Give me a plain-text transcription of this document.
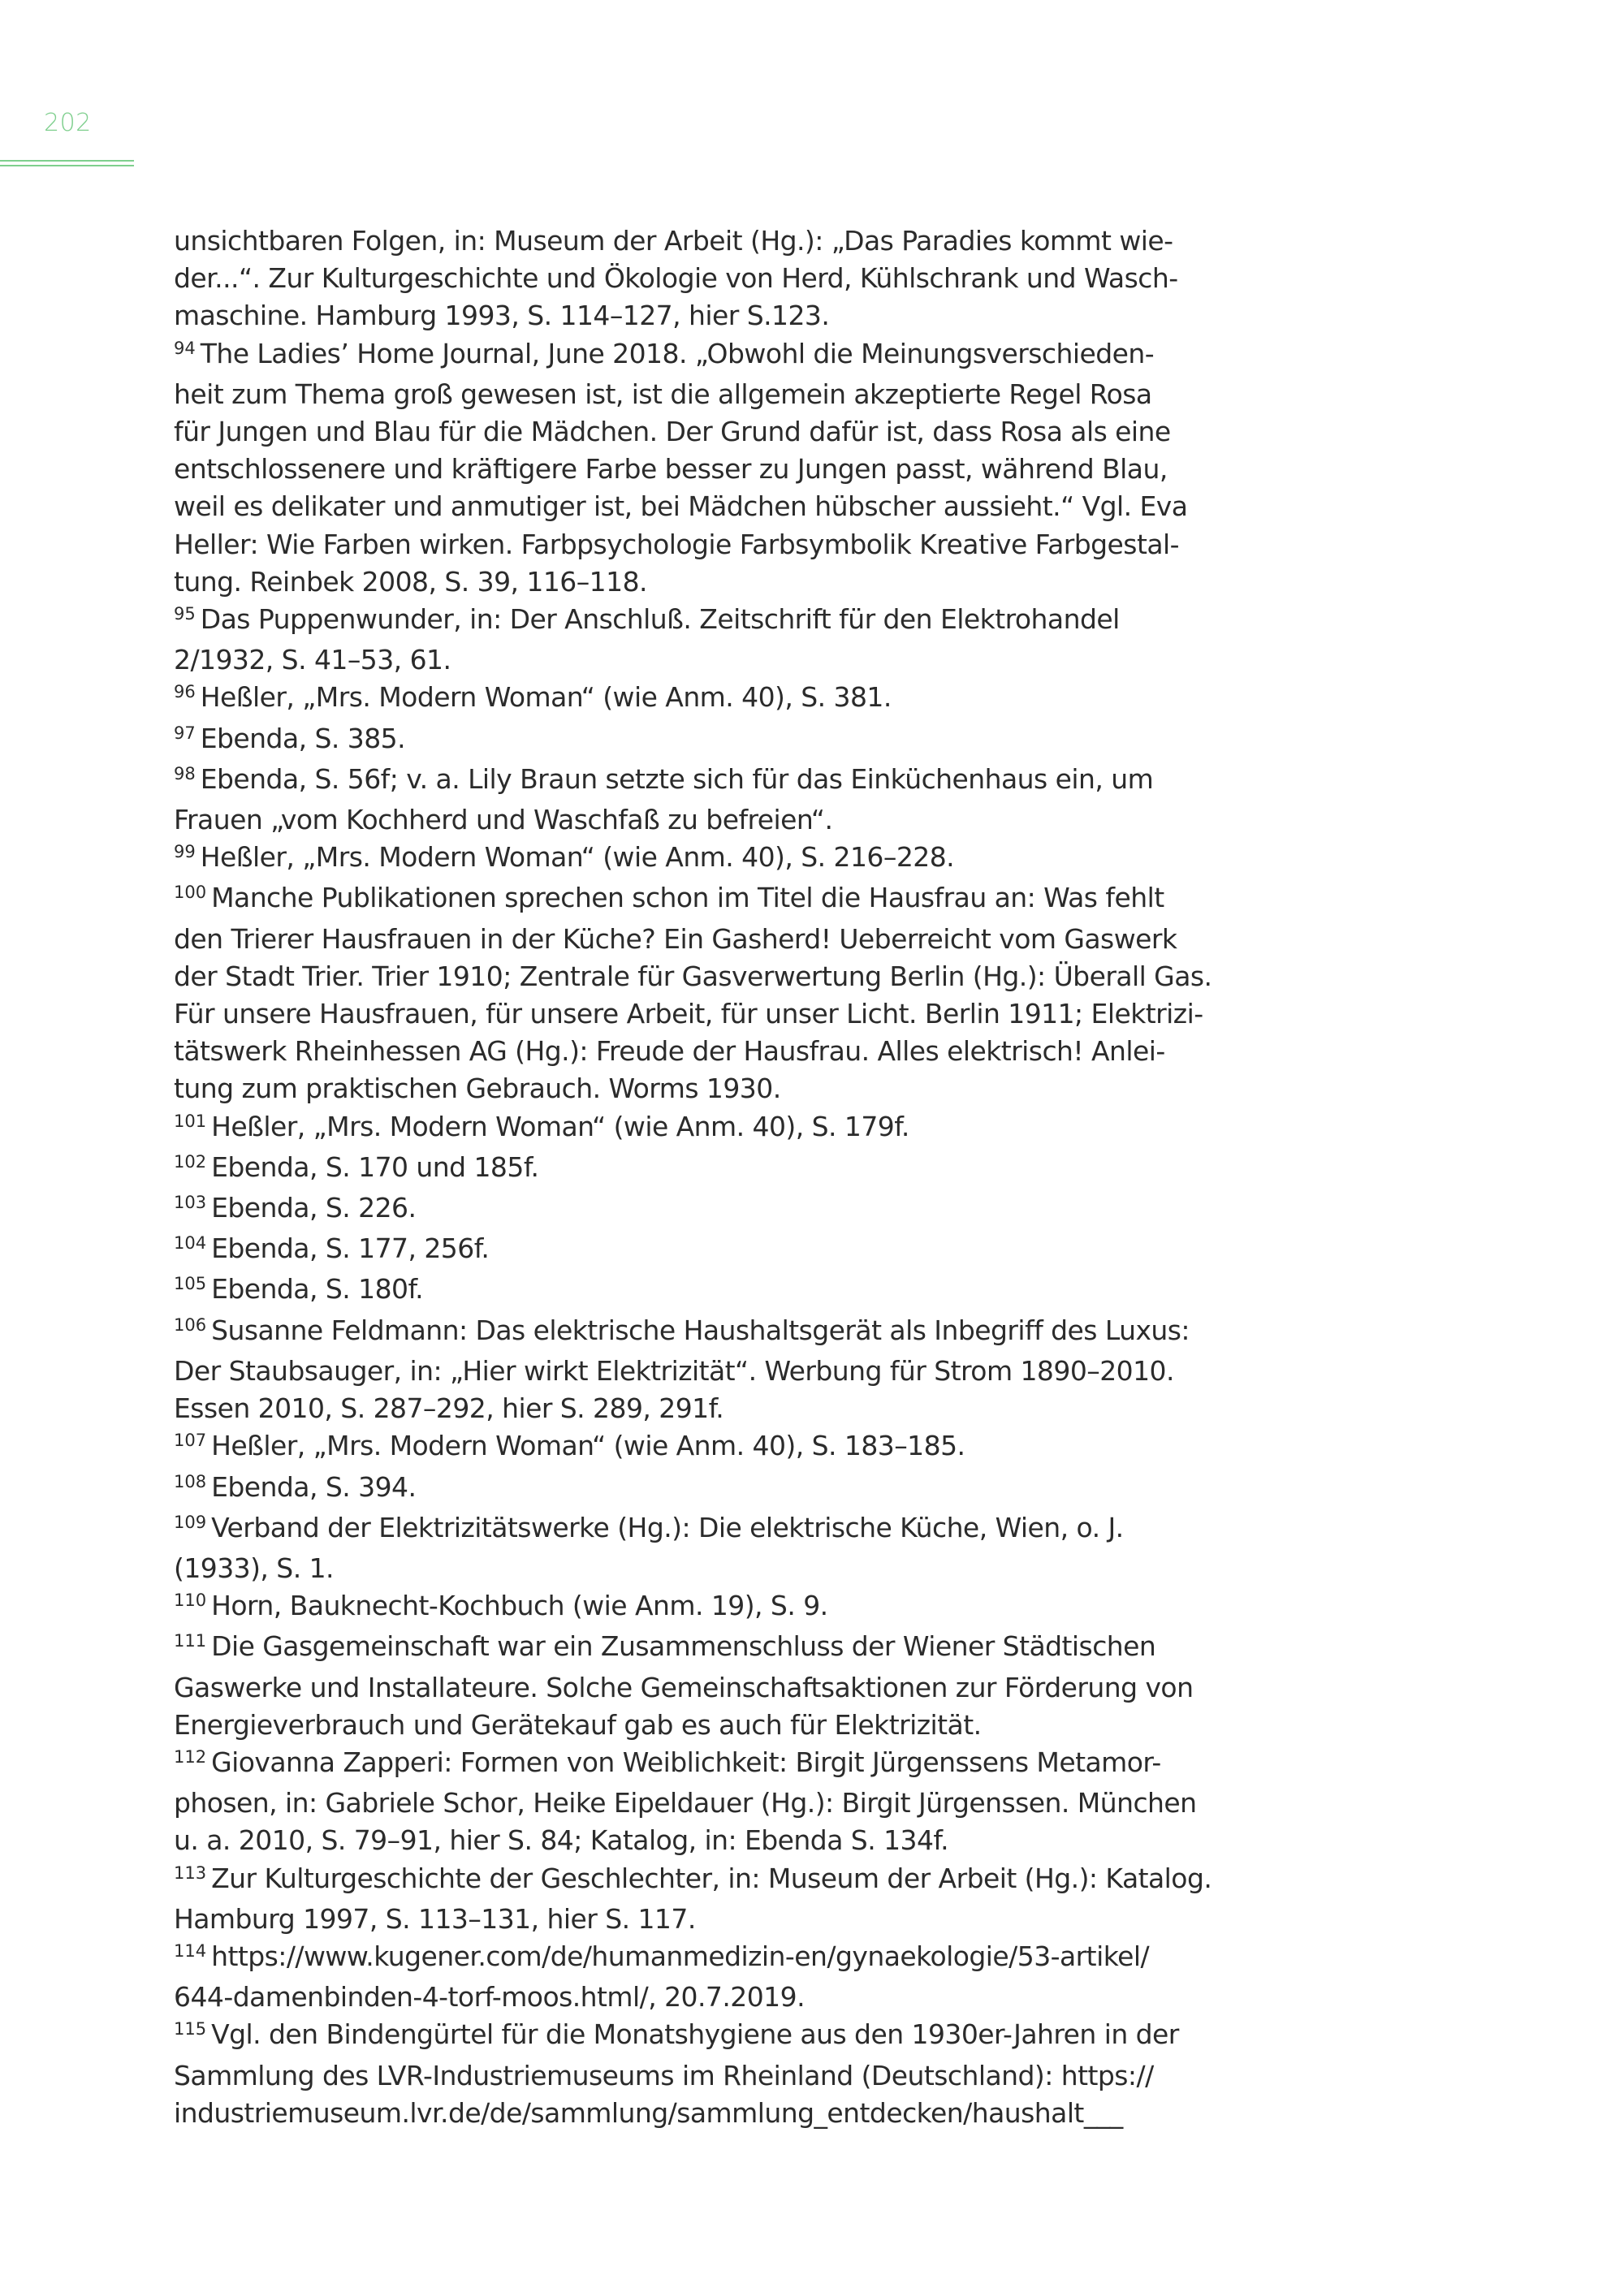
202
unsichtbaren Folgen, in: Museum der Arbeit (Hg.): „Das Paradies kommt wie-
der...“. Zur Kulturgeschichte und Ökologie von Herd, Kühlschrank und Wasch-
maschine. Hamburg 1993, S. 114–127, hier S.123.
$^{94}$ The Ladies’ Home Journal, June 2018. „Obwohl die Meinungsverschieden-
heit zum Thema groß gewesen ist, ist die allgemein akzeptierte Regel Rosa
für Jungen und Blau für die Mädchen. Der Grund dafür ist, dass Rosa als eine
entschlossenere und kräftigere Farbe besser zu Jungen passt, während Blau,
weil es delikater und anmutiger ist, bei Mädchen hübscher aussieht.“ Vgl. Eva
Heller: Wie Farben wirken. Farbpsychologie Farbsymbolik Kreative Farbgestal-
tung. Reinbek 2008, S. 39, 116–118.
$^{95}$ Das Puppenwunder, in: Der Anschluß. Zeitschrift für den Elektrohandel
2/1932, S. 41–53, 61.
$^{96}$ Heßler, „Mrs. Modern Woman“ (wie Anm. 40), S. 381.
$^{97}$ Ebenda, S. 385.
$^{98}$ Ebenda, S. 56f; v. a. Lily Braun setzte sich für das Einküchenhaus ein, um
Frauen „vom Kochherd und Waschfaß zu befreien“.
$^{99}$ Heßler, „Mrs. Modern Woman“ (wie Anm. 40), S. 216–228.
$^{100}$ Manche Publikationen sprechen schon im Titel die Hausfrau an: Was fehlt
den Trierer Hausfrauen in der Küche? Ein Gasherd! Ueberreicht vom Gaswerk
der Stadt Trier. Trier 1910; Zentrale für Gasverwertung Berlin (Hg.): Überall Gas.
Für unsere Hausfrauen, für unsere Arbeit, für unser Licht. Berlin 1911; Elektrizi-
tätswerk Rheinhessen AG (Hg.): Freude der Hausfrau. Alles elektrisch! Anlei-
tung zum praktischen Gebrauch. Worms 1930.
$^{101}$ Heßler, „Mrs. Modern Woman“ (wie Anm. 40), S. 179f.
$^{102}$ Ebenda, S. 170 und 185f.
$^{103}$ Ebenda, S. 226.
$^{104}$ Ebenda, S. 177, 256f.
$^{105}$ Ebenda, S. 180f.
$^{106}$ Susanne Feldmann: Das elektrische Haushaltsgerät als Inbegriff des Luxus:
Der Staubsauger, in: „Hier wirkt Elektrizität“. Werbung für Strom 1890–2010.
Essen 2010, S. 287–292, hier S. 289, 291f.
$^{107}$ Heßler, „Mrs. Modern Woman“ (wie Anm. 40), S. 183–185.
$^{108}$ Ebenda, S. 394.
$^{109}$ Verband der Elektrizitätswerke (Hg.): Die elektrische Küche, Wien, o. J.
(1933), S. 1.
$^{110}$ Horn, Bauknecht-Kochbuch (wie Anm. 19), S. 9.
$^{111}$ Die Gasgemeinschaft war ein Zusammenschluss der Wiener Städtischen
Gaswerke und Installateure. Solche Gemeinschaftsaktionen zur Förderung von
Energieverbrauch und Gerätekauf gab es auch für Elektrizität.
$^{112}$ Giovanna Zapperi: Formen von Weiblichkeit: Birgit Jürgenssens Metamor-
phosen, in: Gabriele Schor, Heike Eipeldauer (Hg.): Birgit Jürgenssen. München
u. a. 2010, S. 79–91, hier S. 84; Katalog, in: Ebenda S. 134f.
$^{113}$ Zur Kulturgeschichte der Geschlechter, in: Museum der Arbeit (Hg.): Katalog.
Hamburg 1997, S. 113–131, hier S. 117.
$^{114}$ https://www.kugener.com/de/humanmedizin-en/gynaekologie/53-artikel/
644-damenbinden-4-torf-moos.html/, 20.7.2019.
$^{115}$ Vgl. den Bindengürtel für die Monatshygiene aus den 1930er-Jahren in der
Sammlung des LVR-Industriemuseums im Rheinland (Deutschland): https://
industriemuseum.lvr.de/de/sammlung/sammlung_entdecken/haushalt___
